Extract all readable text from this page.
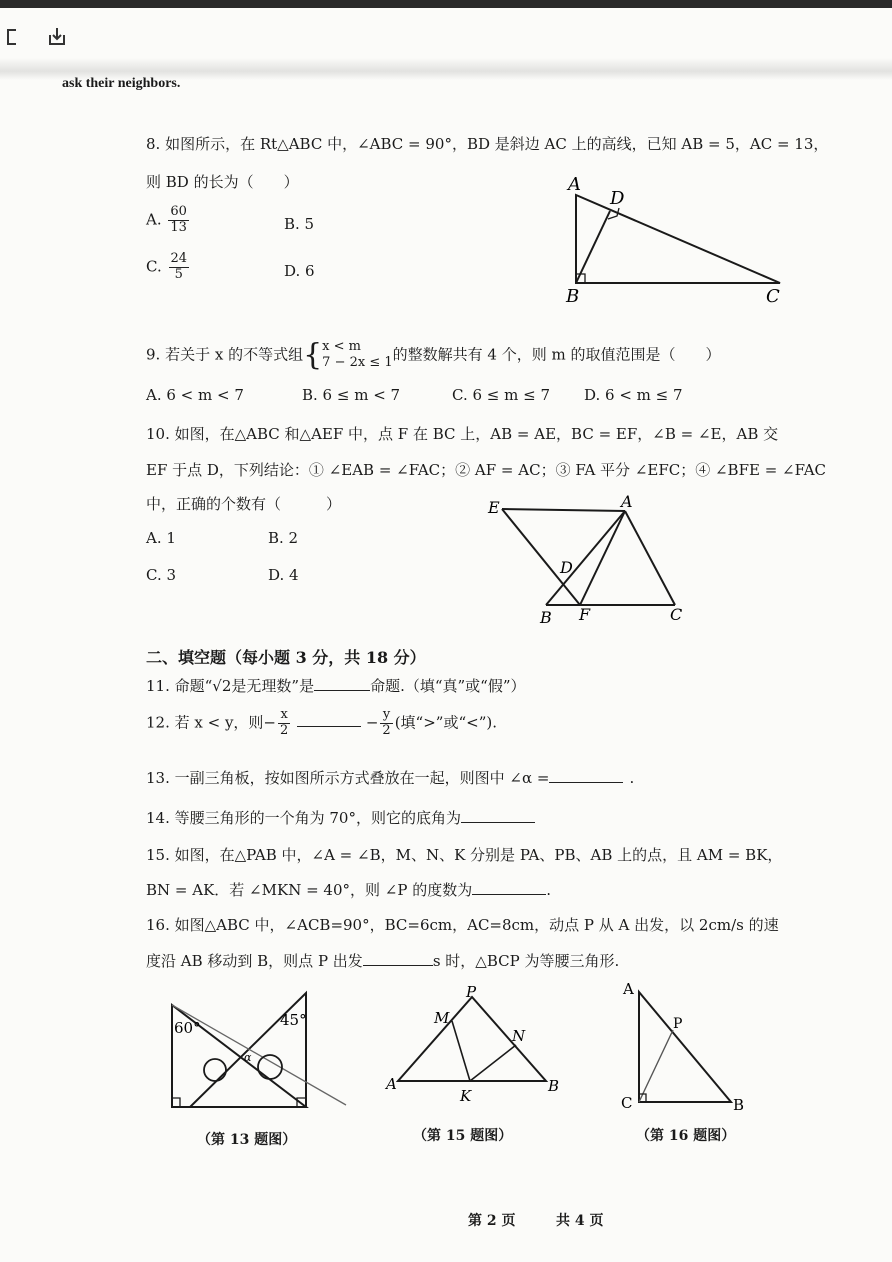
ask their neighbors.
8. 如图所示，在 Rt△ABC 中，∠ABC = 90°，BD 是斜边 AC 上的高线，已知 AB = 5，AC = 13，
则 BD 的长为（　　）
A. $\frac{60}{13}$	B. 5
C. $\frac{24}{5}$	D. 6
A
D
B	C
9. 若关于 x 的不等式组{ x < m
7 − 2x ≤ 1 的整数解共有 4 个，则 m 的取值范围是（　　）
A. 6 < m < 7	B. 6 ≤ m < 7	C. 6 ≤ m ≤ 7 D. 6 < m ≤ 7
10. 如图，在△ABC 和△AEF 中，点 F 在 BC 上，AB = AE，BC = EF，∠B = ∠E，AB 交
EF 于点 D，下列结论：① ∠EAB = ∠FAC；② AF = AC；③ FA 平分 ∠EFC；④ ∠BFE = ∠FAC
中，正确的个数有（　　　）
A. 1	B. 2
C. 3	D. 4
E	A
D
B F	C
二、填空题（每小题 3 分，共 18 分）
11. 命题“√2是无理数”是	命题.（填“真”或“假”）
12. 若 x < y，则− $\frac{x}{2}$	− $\frac{y}{2}$ (填“>”或“<”).
13. 一副三角板，按如图所示方式叠放在一起，则图中 ∠α =	.
14. 等腰三角形的一个角为 70°，则它的底角为
15. 如图，在△PAB 中，∠A = ∠B，M、N、K 分别是 PA、PB、AB 上的点，且 AM = BK，
BN = AK．若 ∠MKN = 40°，则 ∠P 的度数为	.
16. 如图△ABC 中，∠ACB=90°，BC=6cm，AC=8cm，动点 P 从 A 出发，以 2cm/s 的速
度沿 AB 移动到 B，则点 P 出发	s 时，△BCP 为等腰三角形.
60°	45°
α
（第 13 题图）
P
M
N
A
K
B
（第 15 题图）
A
P
C	B
（第 16 题图）
第 2 页	共 4 页
